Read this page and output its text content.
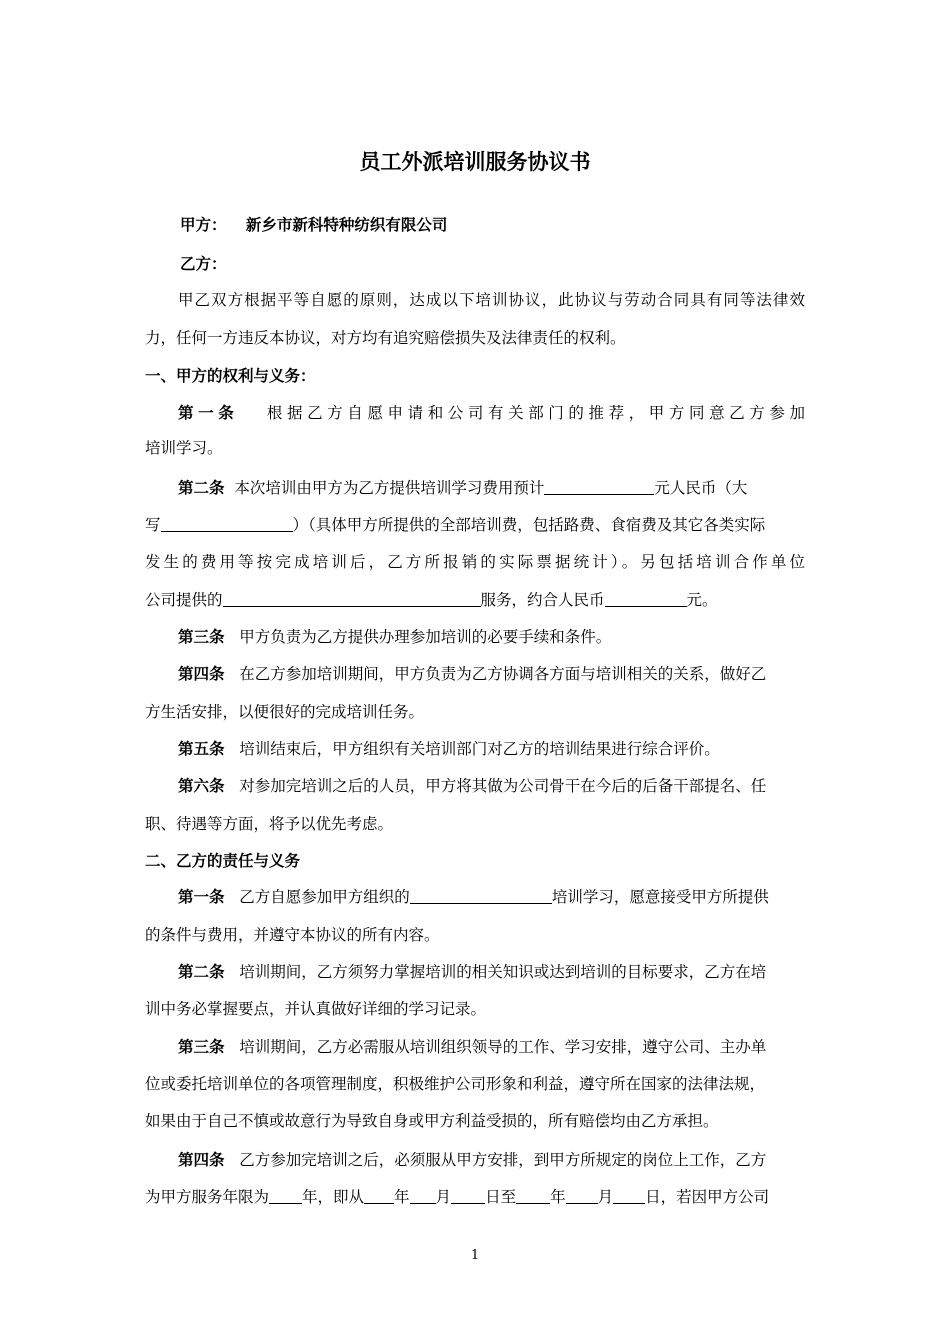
员工外派培训服务协议书
甲方： 新乡市新科特种纺织有限公司
乙方：
甲乙双方根据平等自愿的原则，达成以下培训协议，此协议与劳动合同具有同等法律效
力，任何一方违反本协议，对方均有追究赔偿损失及法律责任的权利。
一、甲方的权利与义务：
第一条 根据乙方自愿申请和公司有关部门的推荐，甲方同意乙方参加
培训学习。
第二条 本次培训由甲方为乙方提供培训学习费用预计	元人民币（大
写	）（具体甲方所提供的全部培训费，包括路费、食宿费及其它各类实际
发生的费用等按完成培训后，乙方所报销的实际票据统计）。另包括培训合作单位
公司提供的	服务，约合人民币	元。
第三条 甲方负责为乙方提供办理参加培训的必要手续和条件。
第四条 在乙方参加培训期间，甲方负责为乙方协调各方面与培训相关的关系，做好乙
方生活安排，以便很好的完成培训任务。
第五条 培训结束后，甲方组织有关培训部门对乙方的培训结果进行综合评价。
第六条 对参加完培训之后的人员，甲方将其做为公司骨干在今后的后备干部提名、任
职、待遇等方面，将予以优先考虑。
二、乙方的责任与义务
第一条 乙方自愿参加甲方组织的	培训学习，愿意接受甲方所提供
的条件与费用，并遵守本协议的所有内容。
第二条 培训期间，乙方须努力掌握培训的相关知识或达到培训的目标要求，乙方在培
训中务必掌握要点，并认真做好详细的学习记录。
第三条 培训期间，乙方必需服从培训组织领导的工作、学习安排，遵守公司、主办单
位或委托培训单位的各项管理制度，积极维护公司形象和利益，遵守所在国家的法律法规，
如果由于自己不慎或故意行为导致自身或甲方利益受损的，所有赔偿均由乙方承担。
第四条 乙方参加完培训之后，必须服从甲方安排，到甲方所规定的岗位上工作，乙方
为甲方服务年限为 年，即从 年 月 日至 年 月 日，若因甲方公司
1
